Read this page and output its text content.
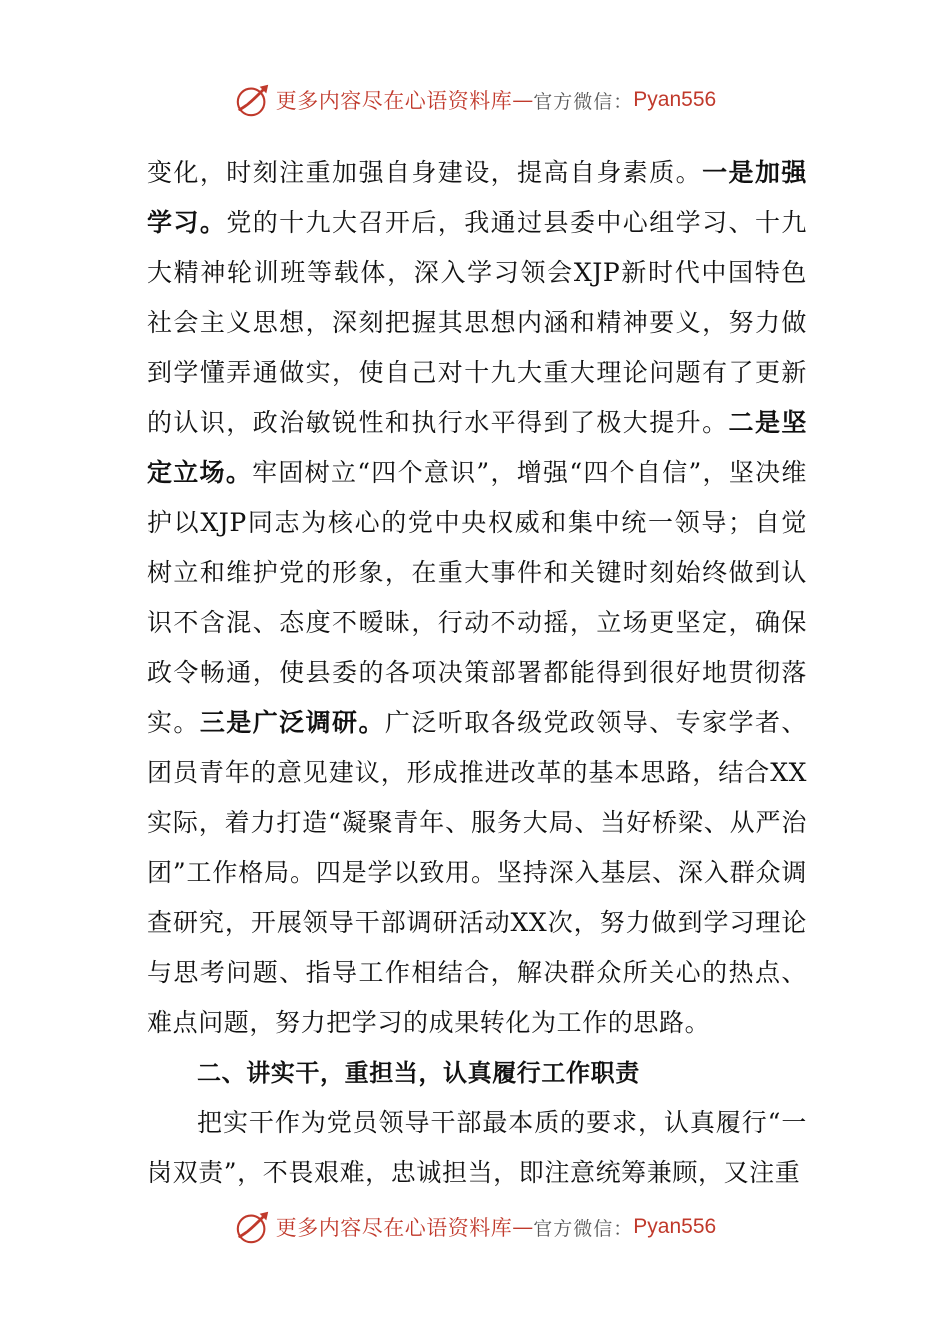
更多内容尽在心语资料库 — 官方微信： Pyan556

变化，时刻注重加强自身建设，提高自身素质。一是加强学习。党的十九大召开后，我通过县委中心组学习、十九大精神轮训班等载体，深入学习领会XJP新时代中国特色社会主义思想，深刻把握其思想内涵和精神要义，努力做到学懂弄通做实，使自己对十九大重大理论问题有了更新的认识，政治敏锐性和执行水平得到了极大提升。二是坚定立场。牢固树立“四个意识”，增强“四个自信”，坚决维护以XJP同志为核心的党中央权威和集中统一领导；自觉树立和维护党的形象，在重大事件和关键时刻始终做到认识不含混、态度不暧昧，行动不动摇，立场更坚定，确保政令畅通，使县委的各项决策部署都能得到很好地贯彻落实。三是广泛调研。广泛听取各级党政领导、专家学者、团员青年的意见建议，形成推进改革的基本思路，结合XX实际，着力打造“凝聚青年、服务大局、当好桥梁、从严治团”工作格局。四是学以致用。坚持深入基层、深入群众调查研究，开展领导干部调研活动XX次，努力做到学习理论与思考问题、指导工作相结合，解决群众所关心的热点、难点问题，努力把学习的成果转化为工作的思路。

二、讲实干，重担当，认真履行工作职责

把实干作为党员领导干部最本质的要求，认真履行“一岗双责”，不畏艰难，忠诚担当，即注意统筹兼顾，又注重

更多内容尽在心语资料库 — 官方微信： Pyan556
